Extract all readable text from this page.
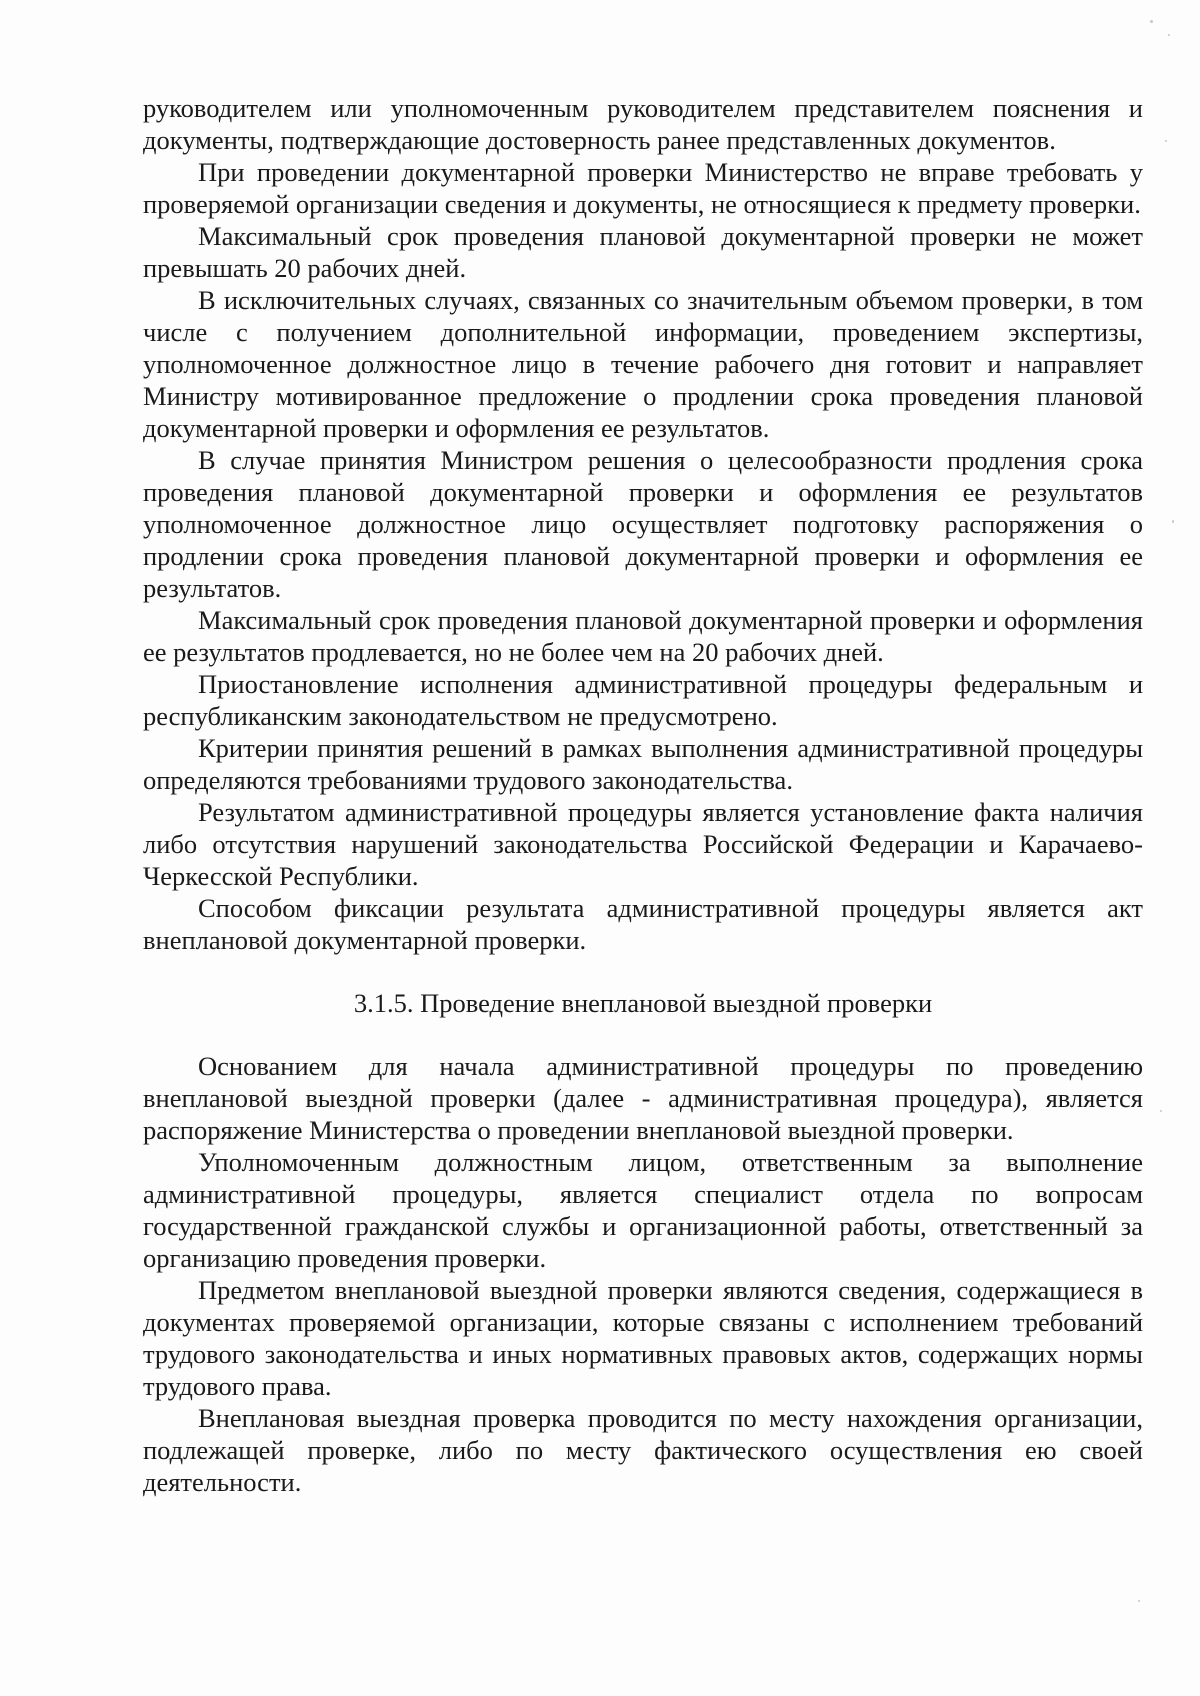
руководителем или уполномоченным руководителем представителем пояснения и документы, подтверждающие достоверность ранее представленных документов.

При проведении документарной проверки Министерство не вправе требовать у проверяемой организации сведения и документы, не относящиеся к предмету проверки.

Максимальный срок проведения плановой документарной проверки не может превышать 20 рабочих дней.

В исключительных случаях, связанных со значительным объемом проверки, в том числе с получением дополнительной информации, проведением экспертизы, уполномоченное должностное лицо в течение рабочего дня готовит и направляет Министру мотивированное предложение о продлении срока проведения плановой документарной проверки и оформления ее результатов.

В случае принятия Министром решения о целесообразности продления срока проведения плановой документарной проверки и оформления ее результатов уполномоченное должностное лицо осуществляет подготовку распоряжения о продлении срока проведения плановой документарной проверки и оформления ее результатов.

Максимальный срок проведения плановой документарной проверки и оформления ее результатов продлевается, но не более чем на 20 рабочих дней.

Приостановление исполнения административной процедуры федеральным и республиканским законодательством не предусмотрено.

Критерии принятия решений в рамках выполнения административной процедуры определяются требованиями трудового законодательства.

Результатом административной процедуры является установление факта наличия либо отсутствия нарушений законодательства Российской Федерации и Карачаево-Черкесской Республики.

Способом фиксации результата административной процедуры является акт внеплановой документарной проверки.

3.1.5. Проведение внеплановой выездной проверки

Основанием для начала административной процедуры по проведению внеплановой выездной проверки (далее - административная процедура), является распоряжение Министерства о проведении внеплановой выездной проверки.

Уполномоченным должностным лицом, ответственным за выполнение административной процедуры, является специалист отдела по вопросам государственной гражданской службы и организационной работы, ответственный за организацию проведения проверки.

Предметом внеплановой выездной проверки являются сведения, содержащиеся в документах проверяемой организации, которые связаны с исполнением требований трудового законодательства и иных нормативных правовых актов, содержащих нормы трудового права.

Внеплановая выездная проверка проводится по месту нахождения организации, подлежащей проверке, либо по месту фактического осуществления ею своей деятельности.
